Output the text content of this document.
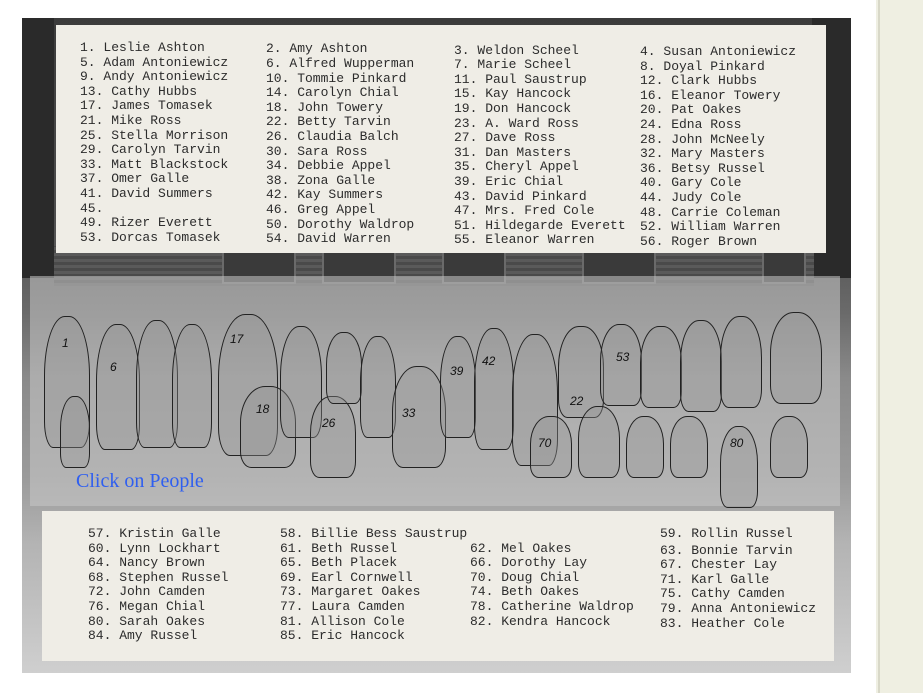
1
6
17
18
26
39
42	53
22
33
70	80
Click on People
1. Leslie Ashton	2. Amy Ashton	3. Weldon Scheel	4. Susan Antoniewicz
5. Adam Antoniewicz	6. Alfred Wupperman	7. Marie Scheel	8. Doyal Pinkard
9. Andy Antoniewicz	10. Tommie Pinkard	11. Paul Saustrup	12. Clark Hubbs
13. Cathy Hubbs	14. Carolyn Chial	15. Kay Hancock	16. Eleanor Towery
17. James Tomasek	18. John Towery	19. Don Hancock	20. Pat Oakes
21. Mike Ross	22. Betty Tarvin	23. A. Ward Ross	24. Edna Ross
25. Stella Morrison	26. Claudia Balch	27. Dave Ross	28. John McNeely
29. Carolyn Tarvin	30. Sara Ross	31. Dan Masters	32. Mary Masters
33. Matt Blackstock	34. Debbie Appel	35. Cheryl Appel	36. Betsy Russel
37. Omer Galle	38. Zona Galle	39. Eric Chial	40. Gary Cole
41. David Summers	42. Kay Summers	43. David Pinkard	44. Judy Cole
45.	46. Greg Appel	47. Mrs. Fred Cole	48. Carrie Coleman
49. Rizer Everett	50. Dorothy Waldrop	51. Hildegarde Everett 52. William Warren
53. Dorcas Tomasek	54. David Warren	55. Eleanor Warren	56. Roger Brown
57. Kristin Galle	58. Billie Bess Saustrup	59. Rollin Russel
60. Lynn Lockhart	61. Beth Russel	62. Mel Oakes	63. Bonnie Tarvin
64. Nancy Brown	65. Beth Placek	66. Dorothy Lay	67. Chester Lay
68. Stephen Russel	69. Earl Cornwell	70. Doug Chial	71. Karl Galle
72. John Camden	73. Margaret Oakes	74. Beth Oakes	75. Cathy Camden
76. Megan Chial	77. Laura Camden	78. Catherine Waldrop 79. Anna Antoniewicz
80. Sarah Oakes	81. Allison Cole	82. Kendra Hancock	83. Heather Cole
84. Amy Russel	85. Eric Hancock
